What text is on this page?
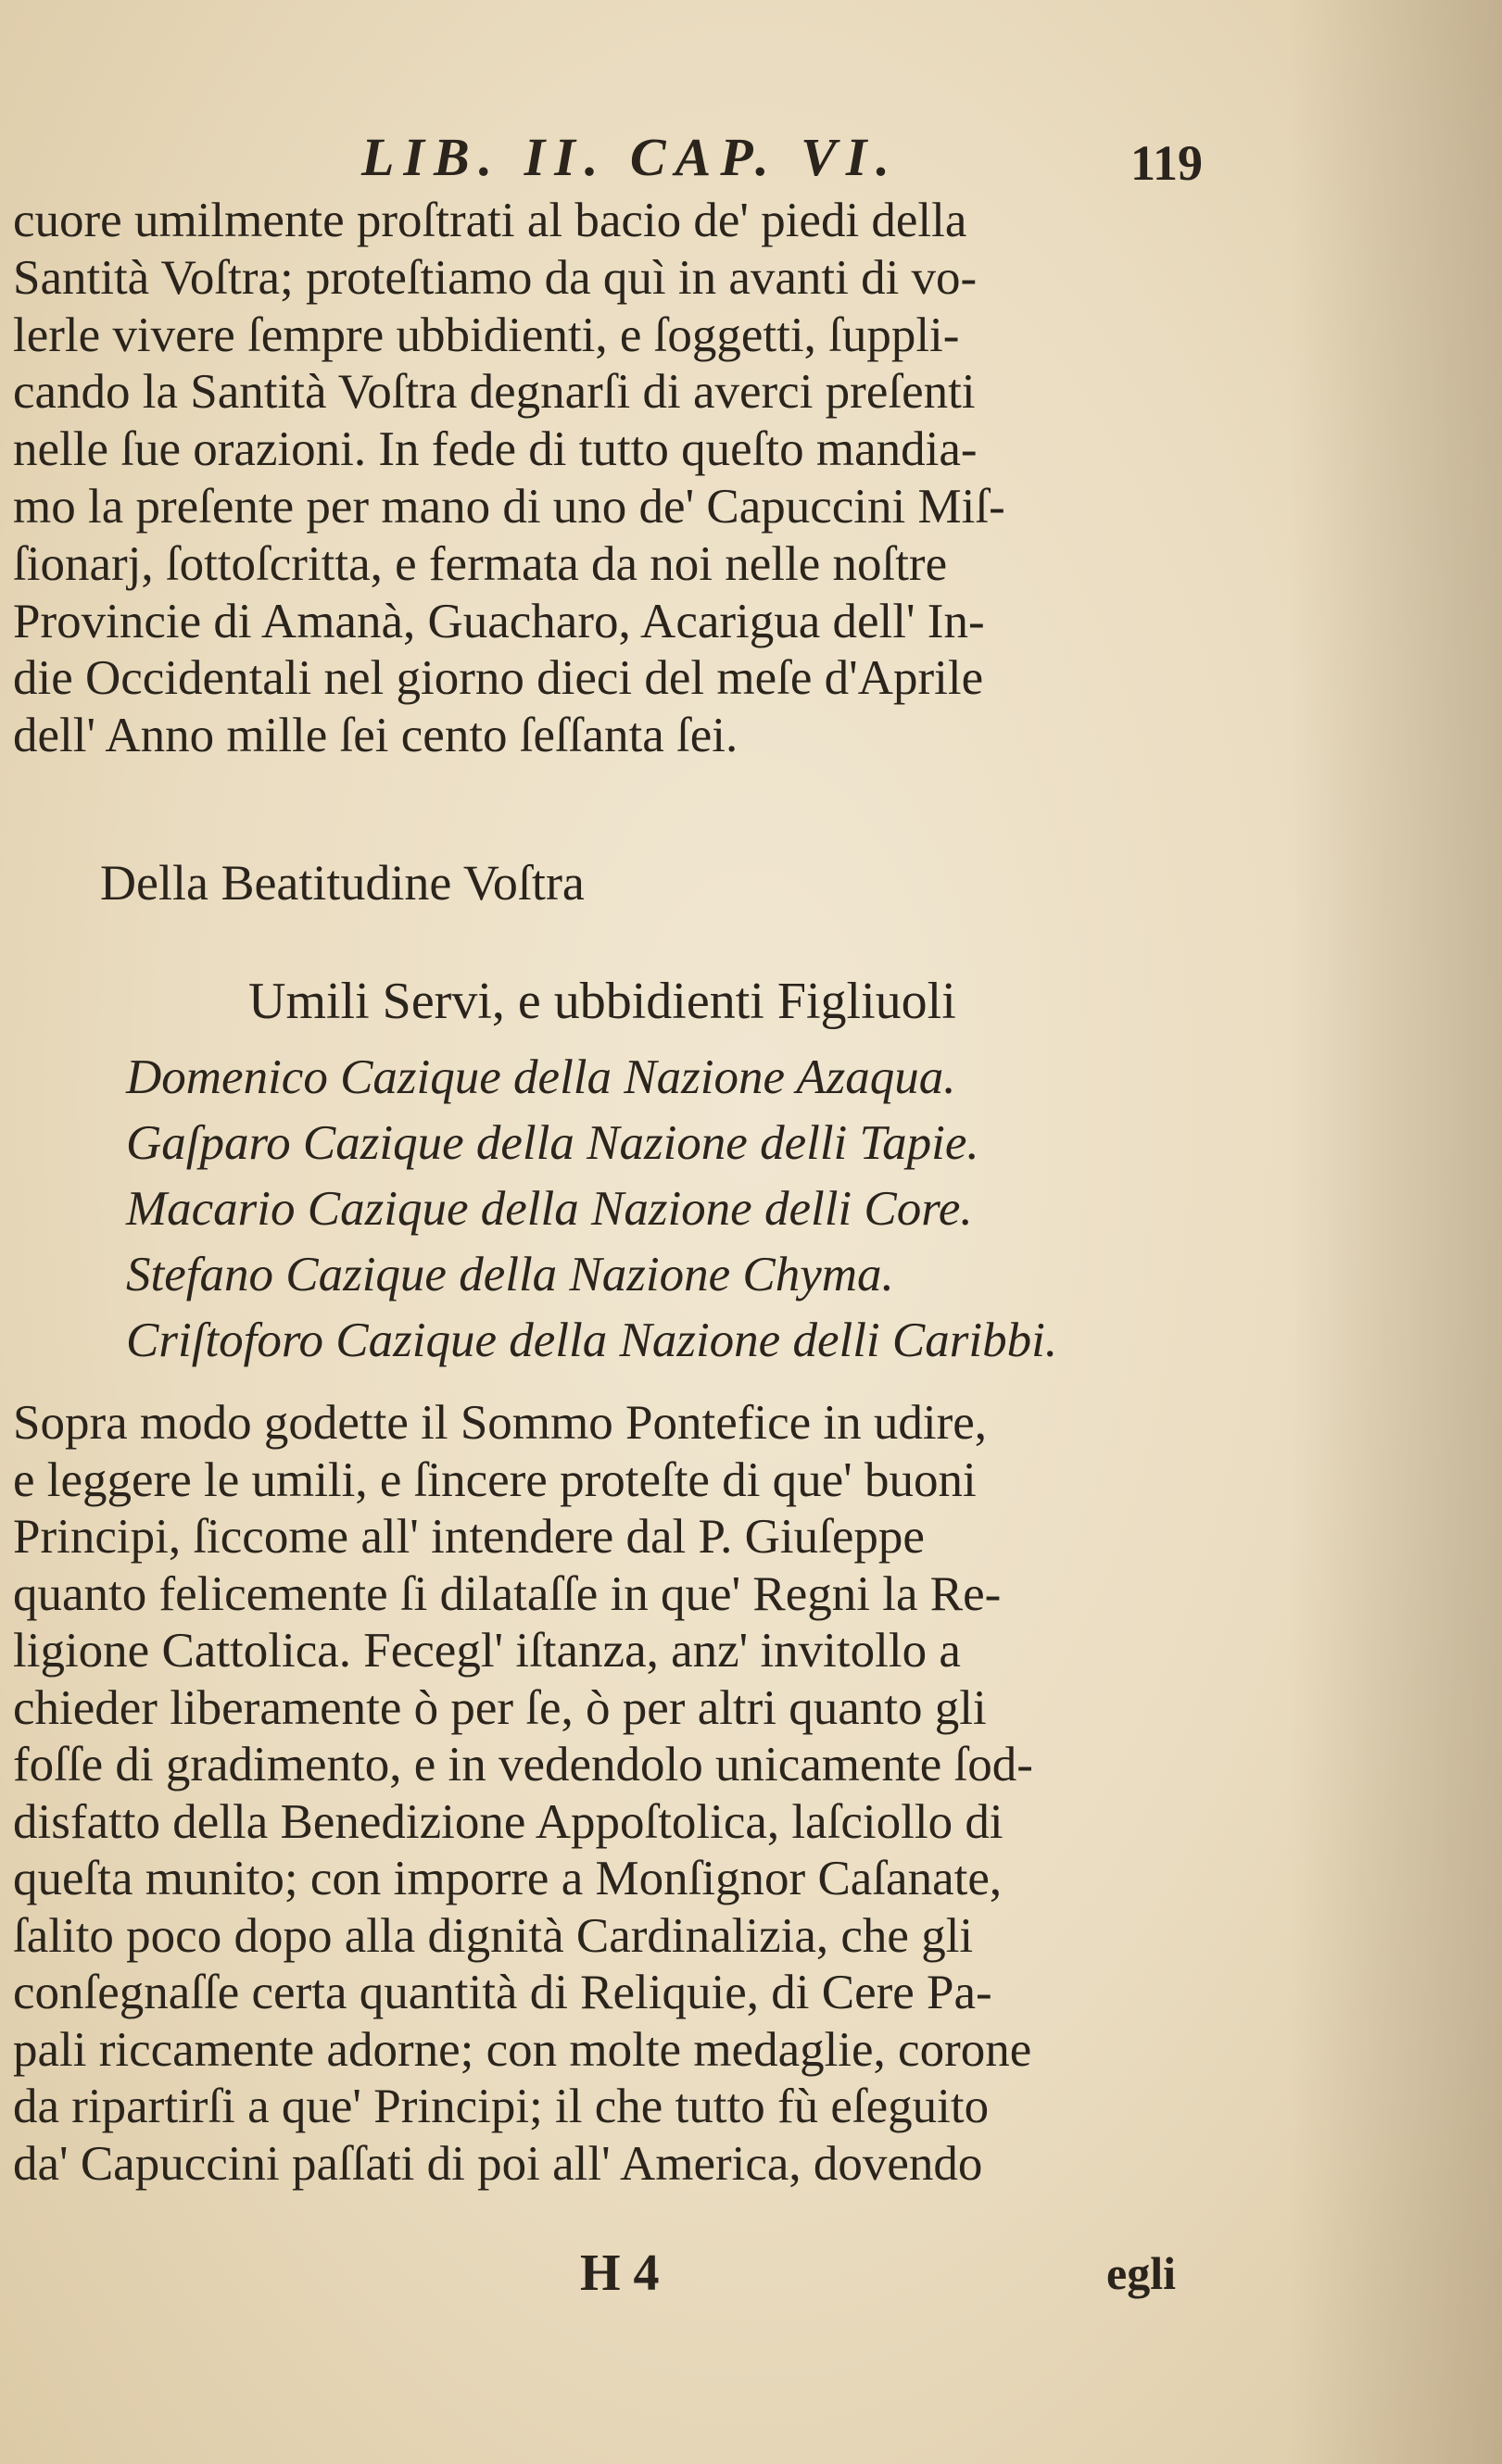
LIB. II. CAP. VI.	119
cuore umilmente proſtrati al bacio de' piedi della
Santità Voſtra; proteſtiamo da quì in avanti di vo-
lerle vivere ſempre ubbidienti, e ſoggetti, ſuppli-
cando la Santità Voſtra degnarſi di averci preſenti
nelle ſue orazioni. In fede di tutto queſto mandia-
mo la preſente per mano di uno de' Capuccini Miſ-
ſionarj, ſottoſcritta, e fermata da noi nelle noſtre
Provincie di Amanà, Guacharo, Acarigua dell' In-
die Occidentali nel giorno dieci del meſe d'Aprile
dell' Anno mille ſei cento ſeſſanta ſei.
Della Beatitudine Voſtra
Umili Servi, e ubbidienti Figliuoli
Domenico Cazique della Nazione Azaqua.
Gaſparo Cazique della Nazione delli Tapie.
Macario Cazique della Nazione delli Core.
Stefano Cazique della Nazione Chyma.
Criſtoforo Cazique della Nazione delli Caribbi.
Sopra modo godette il Sommo Pontefice in udire,
e leggere le umili, e ſincere proteſte di que' buoni
Principi, ſiccome all' intendere dal P. Giuſeppe
quanto felicemente ſi dilataſſe in que' Regni la Re-
ligione Cattolica. Fecegl' iſtanza, anz' invitollo a
chieder liberamente ò per ſe, ò per altri quanto gli
foſſe di gradimento, e in vedendolo unicamente ſod-
disfatto della Benedizione Appoſtolica, laſciollo di
queſta munito; con imporre a Monſignor Caſanate,
ſalito poco dopo alla dignità Cardinalizia, che gli
conſegnaſſe certa quantità di Reliquie, di Cere Pa-
pali riccamente adorne; con molte medaglie, corone
da ripartirſi a que' Principi; il che tutto fù eſeguito
da' Capuccini paſſati di poi all' America, dovendo
H 4	egli
